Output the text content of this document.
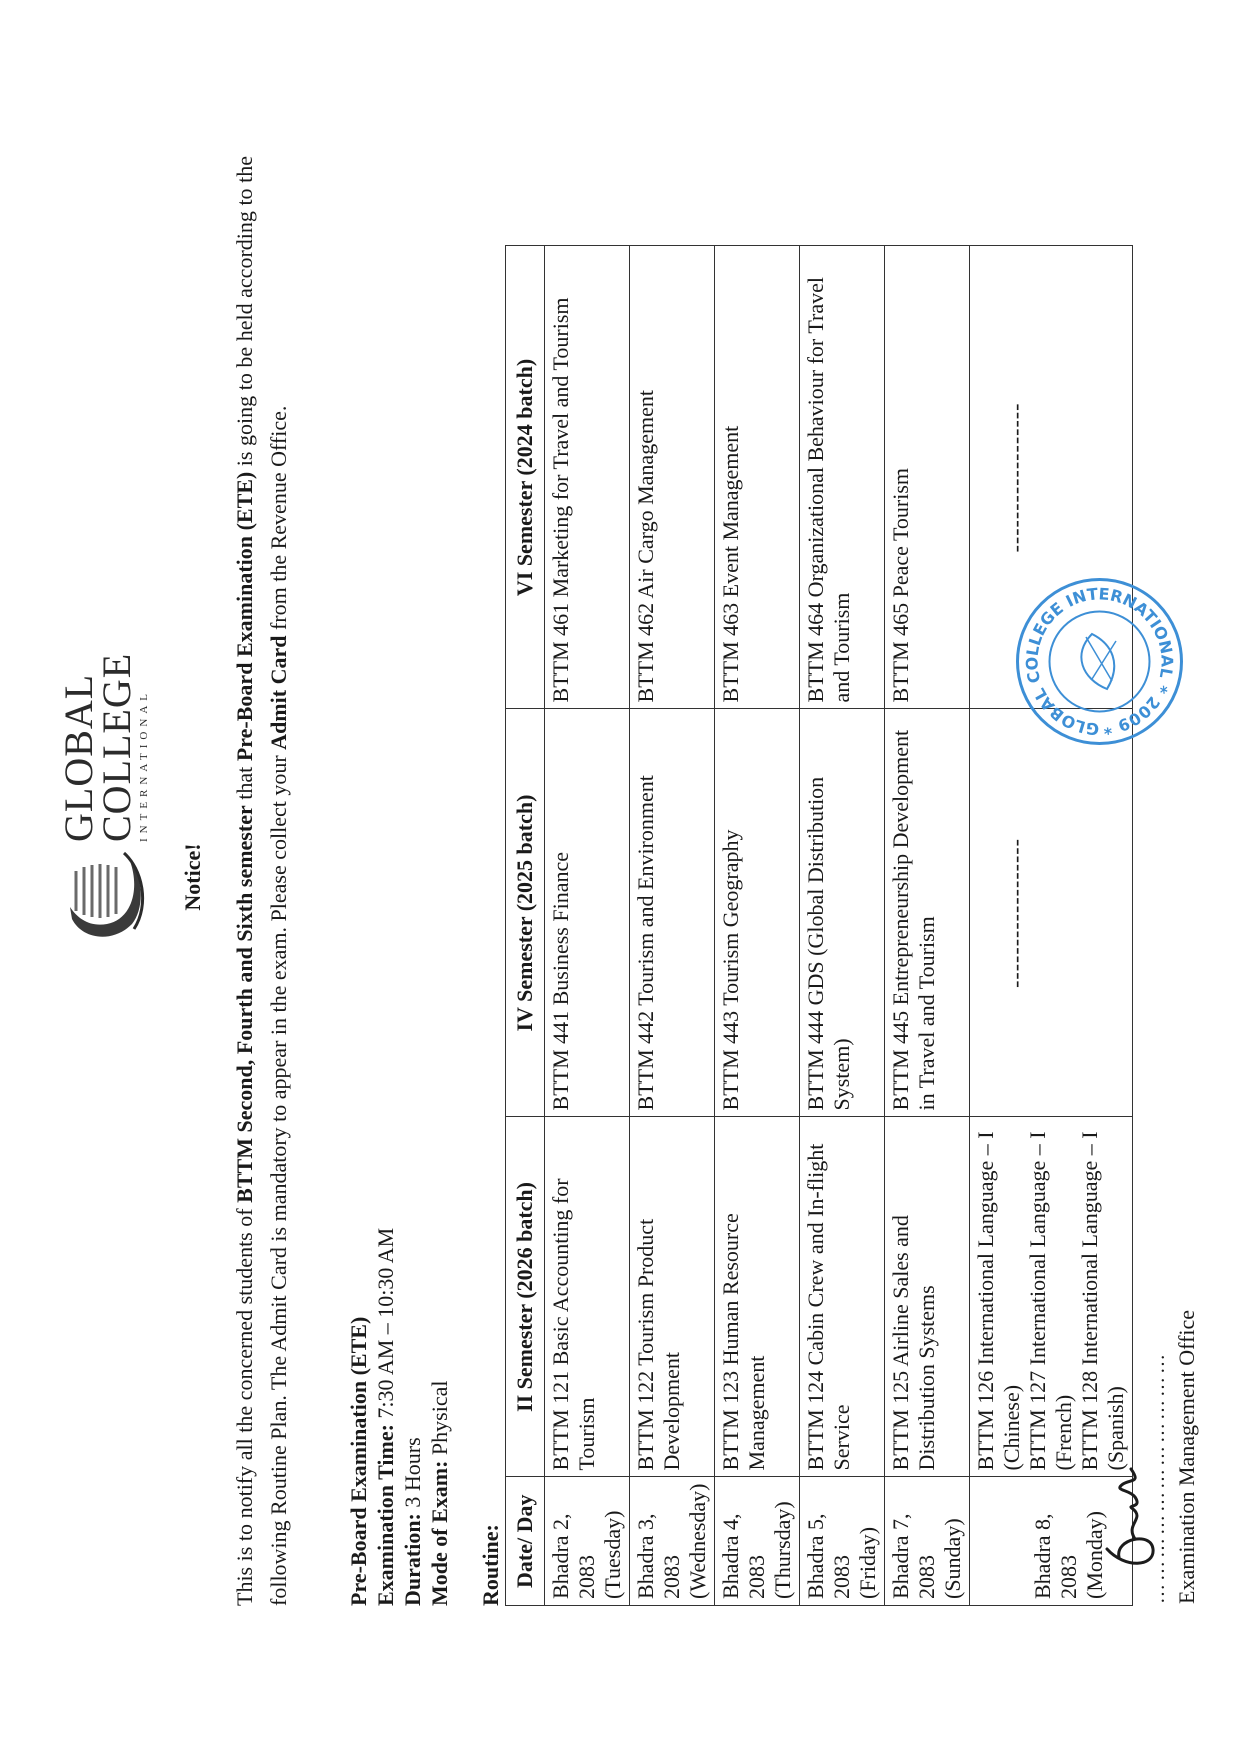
GLOBAL
COLLEGE INTERNATIONAL
Notice!
This is to notify all the concerned students of BTTM Second, Fourth and Sixth semester that Pre-Board Examination (ETE) is going to be held according to the following Routine Plan. The Admit Card is mandatory to appear in the exam. Please collect your Admit Card from the Revenue Office.
Pre-Board Examination (ETE) Examination Time: 7:30 AM – 10:30 AM
Duration: 3 Hours Mode of Exam: Physical
Routine: Date/ Day	II Semester (2026 batch)	IV Semester (2025 batch)	VI Semester (2024 batch)
Bhadra 2, 2083 (Tuesday)	BTTM 121 Basic Accounting for Tourism	BTTM 441 Business Finance	BTTM 461 Marketing for Travel and Tourism
Bhadra 3, 2083 (Wednesday)	BTTM 122 Tourism Product Development	BTTM 442 Tourism and Environment	BTTM 462 Air Cargo Management
Bhadra 4, 2083 (Thursday)	BTTM 123 Human Resource Management	BTTM 443 Tourism Geography	BTTM 463 Event Management
Bhadra 5, 2083 (Friday)	BTTM 124 Cabin Crew and In-flight Service	BTTM 444 GDS (Global Distribution System)	BTTM 464 Organizational Behaviour for Travel and Tourism
Bhadra 7, 2083 (Sunday)	BTTM 125 Airline Sales and Distribution Systems	BTTM 445 Entrepreneurship Development in Travel and Tourism	BTTM 465 Peace Tourism
Bhadra 8, 2083 (Monday)	BTTM 126 International Language – I (Chinese) BTTM 127 International Language – I (French) BTTM 128 International Language – I (Spanish)	------------------	------------------
…………………………… Examination Management Office
GLOBAL COLLEGE INTERNATIONAL * 2009 *
